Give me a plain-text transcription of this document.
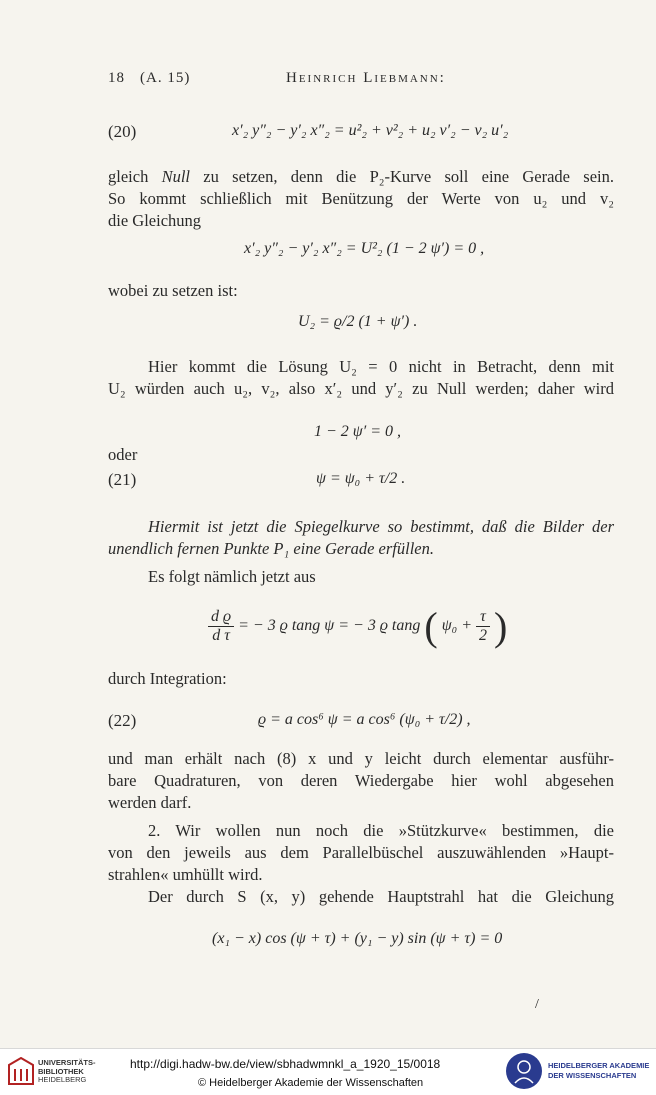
18 (A. 15)	Heinrich Liebmann:
(20)	x′₂ y″₂ − y′₂ x″₂ = u²₂ + v²₂ + u₂ v′₂ − v₂ u′₂
gleich Null zu setzen, denn die P₂-Kurve soll eine Gerade sein.
So kommt schließlich mit Benützung der Werte von u₂ und v₂
die Gleichung
x′₂ y″₂ − y′₂ x″₂ = U²₂ (1 − 2 ψ′) = 0 ,
wobei zu setzen ist:
U₂ = ϱ/2 (1 + ψ′) .
Hier kommt die Lösung U₂ = 0 nicht in Betracht, denn mit
U₂ würden auch u₂, v₂, also x′₂ und y′₂ zu Null werden; daher wird
1 − 2 ψ′ = 0 ,
oder
(21)	ψ = ψ₀ + τ/2 .
Hiermit ist jetzt die Spiegelkurve so bestimmt, daß die Bilder der
unendlich fernen Punkte P₁ eine Gerade erfüllen.
Es folgt nämlich jetzt aus
$\frac{\text{d ϱ}}{\text{d τ}}$ = − 3 ϱ tang ψ = − 3 ϱ tang ( $\psi_0 + \frac{\tau}{2}$ )
durch Integration:
(22)	ϱ = a cos⁶ ψ = a cos⁶ (ψ₀ + τ/2) ,
und man erhält nach (8) x und y leicht durch elementar ausführ-
bare Quadraturen, von deren Wiedergabe hier wohl abgesehen
werden darf.
2. Wir wollen nun noch die »Stützkurve« bestimmen, die
von den jeweils aus dem Parallelbüschel auszuwählenden »Haupt-
strahlen« umhüllt wird.
Der durch S (x, y) gehende Hauptstrahl hat die Gleichung
(x₁ − x) cos (ψ + τ) + (y₁ − y) sin (ψ + τ) = 0
/
UNIVERSITÄTS-
BIBLIOTHEK
HEIDELBERG
http://digi.hadw-bw.de/view/sbhadwmnkl_a_1920_15/0018
© Heidelberger Akademie der Wissenschaften
HEIDELBERGER AKADEMIE
DER WISSENSCHAFTEN
